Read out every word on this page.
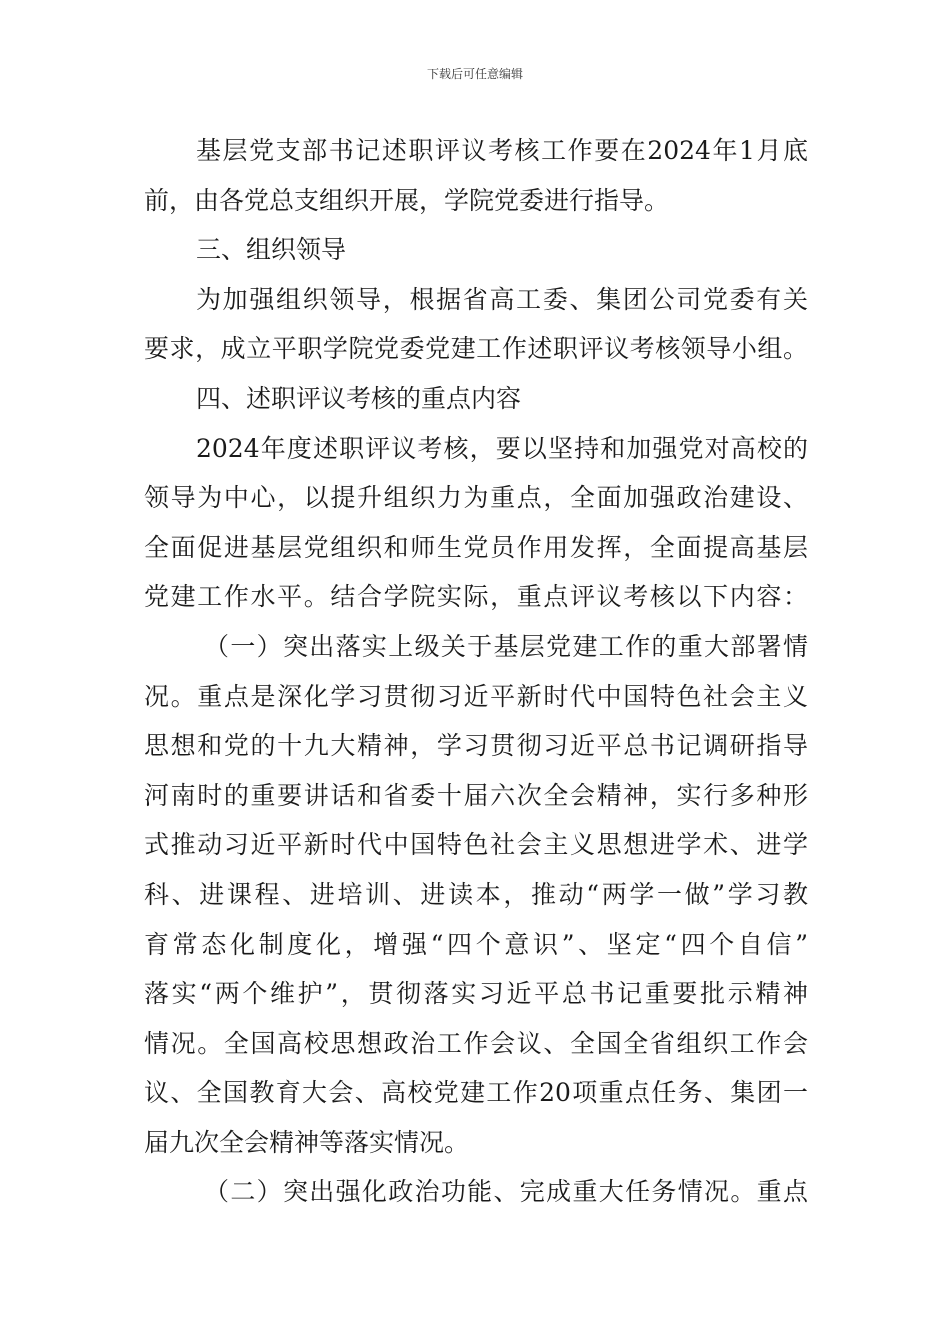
下载后可任意编辑
基层党支部书记述职评议考核工作要在2024年1月底
前，由各党总支组织开展，学院党委进行指导。
三、组织领导
为加强组织领导，根据省高工委、集团公司党委有关
要求，成立平职学院党委党建工作述职评议考核领导小组。
四、述职评议考核的重点内容
2024年度述职评议考核，要以坚持和加强党对高校的
领导为中心，以提升组织力为重点，全面加强政治建设、
全面促进基层党组织和师生党员作用发挥，全面提高基层
党建工作水平。结合学院实际，重点评议考核以下内容：
（一）突出落实上级关于基层党建工作的重大部署情
况。重点是深化学习贯彻习近平新时代中国特色社会主义
思想和党的十九大精神，学习贯彻习近平总书记调研指导
河南时的重要讲话和省委十届六次全会精神，实行多种形
式推动习近平新时代中国特色社会主义思想进学术、进学
科、进课程、进培训、进读本，推动“两学一做”学习教
育常态化制度化，增强“四个意识”、坚定“四个自信”
落实“两个维护”，贯彻落实习近平总书记重要批示精神
情况。全国高校思想政治工作会议、全国全省组织工作会
议、全国教育大会、高校党建工作20项重点任务、集团一
届九次全会精神等落实情况。
（二）突出强化政治功能、完成重大任务情况。重点
